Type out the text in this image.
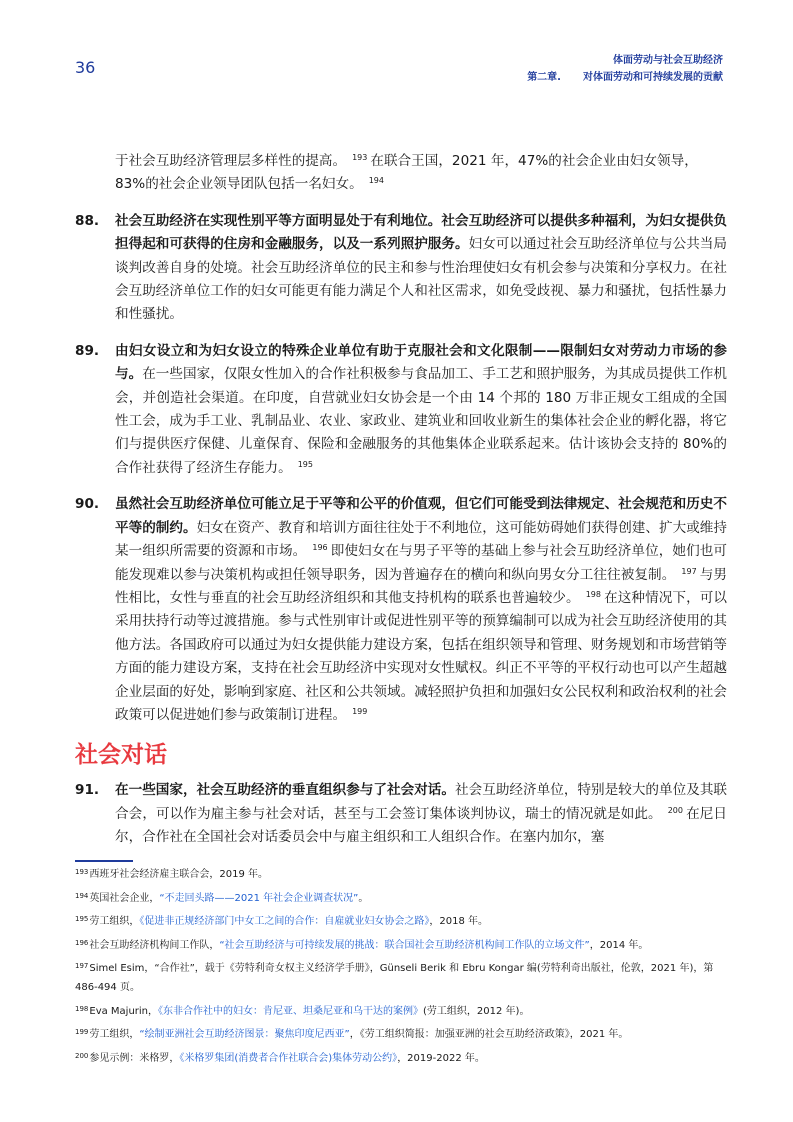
36	体面劳动与社会互助经济
第二章. 对体面劳动和可持续发展的贡献

于社会互助经济管理层多样性的提高。 $^{193}$ 在联合王国，2021 年，47%的社会企业由妇女领导，83%的社会企业领导团队包括一名妇女。 $^{194}$

88.	社会互助经济在实现性别平等方面明显处于有利地位。社会互助经济可以提供多种福利，为妇女提供负担得起和可获得的住房和金融服务，以及一系列照护服务。妇女可以通过社会互助经济单位与公共当局谈判改善自身的处境。社会互助经济单位的民主和参与性治理使妇女有机会参与决策和分享权力。在社会互助经济单位工作的妇女可能更有能力满足个人和社区需求，如免受歧视、暴力和骚扰，包括性暴力和性骚扰。
89.	由妇女设立和为妇女设立的特殊企业单位有助于克服社会和文化限制——限制妇女对劳动力市场的参与。在一些国家，仅限女性加入的合作社积极参与食品加工、手工艺和照护服务，为其成员提供工作机会，并创造社会渠道。在印度，自营就业妇女协会是一个由 14 个邦的 180 万非正规女工组成的全国性工会，成为手工业、乳制品业、农业、家政业、建筑业和回收业新生的集体社会企业的孵化器，将它们与提供医疗保健、儿童保育、保险和金融服务的其他集体企业联系起来。估计该协会支持的 80%的合作社获得了经济生存能力。 $^{195}$
90.	虽然社会互助经济单位可能立足于平等和公平的价值观，但它们可能受到法律规定、社会规范和历史不平等的制约。妇女在资产、教育和培训方面往往处于不利地位，这可能妨碍她们获得创建、扩大或维持某一组织所需要的资源和市场。 $^{196}$ 即使妇女在与男子平等的基础上参与社会互助经济单位，她们也可能发现难以参与决策机构或担任领导职务，因为普遍存在的横向和纵向男女分工往往被复制。 $^{197}$ 与男性相比，女性与垂直的社会互助经济组织和其他支持机构的联系也普遍较少。 $^{198}$ 在这种情况下，可以采用扶持行动等过渡措施。参与式性别审计或促进性别平等的预算编制可以成为社会互助经济使用的其他方法。各国政府可以通过为妇女提供能力建设方案，包括在组织领导和管理、财务规划和市场营销等方面的能力建设方案，支持在社会互助经济中实现对女性赋权。纠正不平等的平权行动也可以产生超越企业层面的好处，影响到家庭、社区和公共领域。减轻照护负担和加强妇女公民权利和政治权利的社会政策可以促进她们参与政策制订进程。 $^{199}$
社会对话
91.	在一些国家，社会互助经济的垂直组织参与了社会对话。社会互助经济单位，特别是较大的单位及其联合会，可以作为雇主参与社会对话，甚至与工会签订集体谈判协议，瑞士的情况就是如此。 $^{200}$ 在尼日尔，合作社在全国社会对话委员会中与雇主组织和工人组织合作。在塞内加尔，塞
$^{193}$西班牙社会经济雇主联合会，2019 年。
$^{194}$英国社会企业，“不走回头路——2021 年社会企业调查状况”。
$^{195}$劳工组织，《促进非正规经济部门中女工之间的合作：自雇就业妇女协会之路》，2018 年。
$^{196}$社会互助经济机构间工作队，“社会互助经济与可持续发展的挑战：联合国社会互助经济机构间工作队的立场文件”，2014 年。
$^{197}$Simel Esim，“合作社”，载于《劳特利奇女权主义经济学手册》，Günseli Berik 和 Ebru Kongar 编(劳特利奇出版社，伦敦，2021 年)，第 486-494 页。
$^{198}$Eva Majurin，《东非合作社中的妇女：肯尼亚、坦桑尼亚和乌干达的案例》(劳工组织，2012 年)。
$^{199}$劳工组织，“绘制亚洲社会互助经济图景：聚焦印度尼西亚”，《劳工组织简报：加强亚洲的社会互助经济政策》，2021 年。
$^{200}$参见示例：米格罗，《米格罗集团(消费者合作社联合会)集体劳动公约》，2019-2022 年。
